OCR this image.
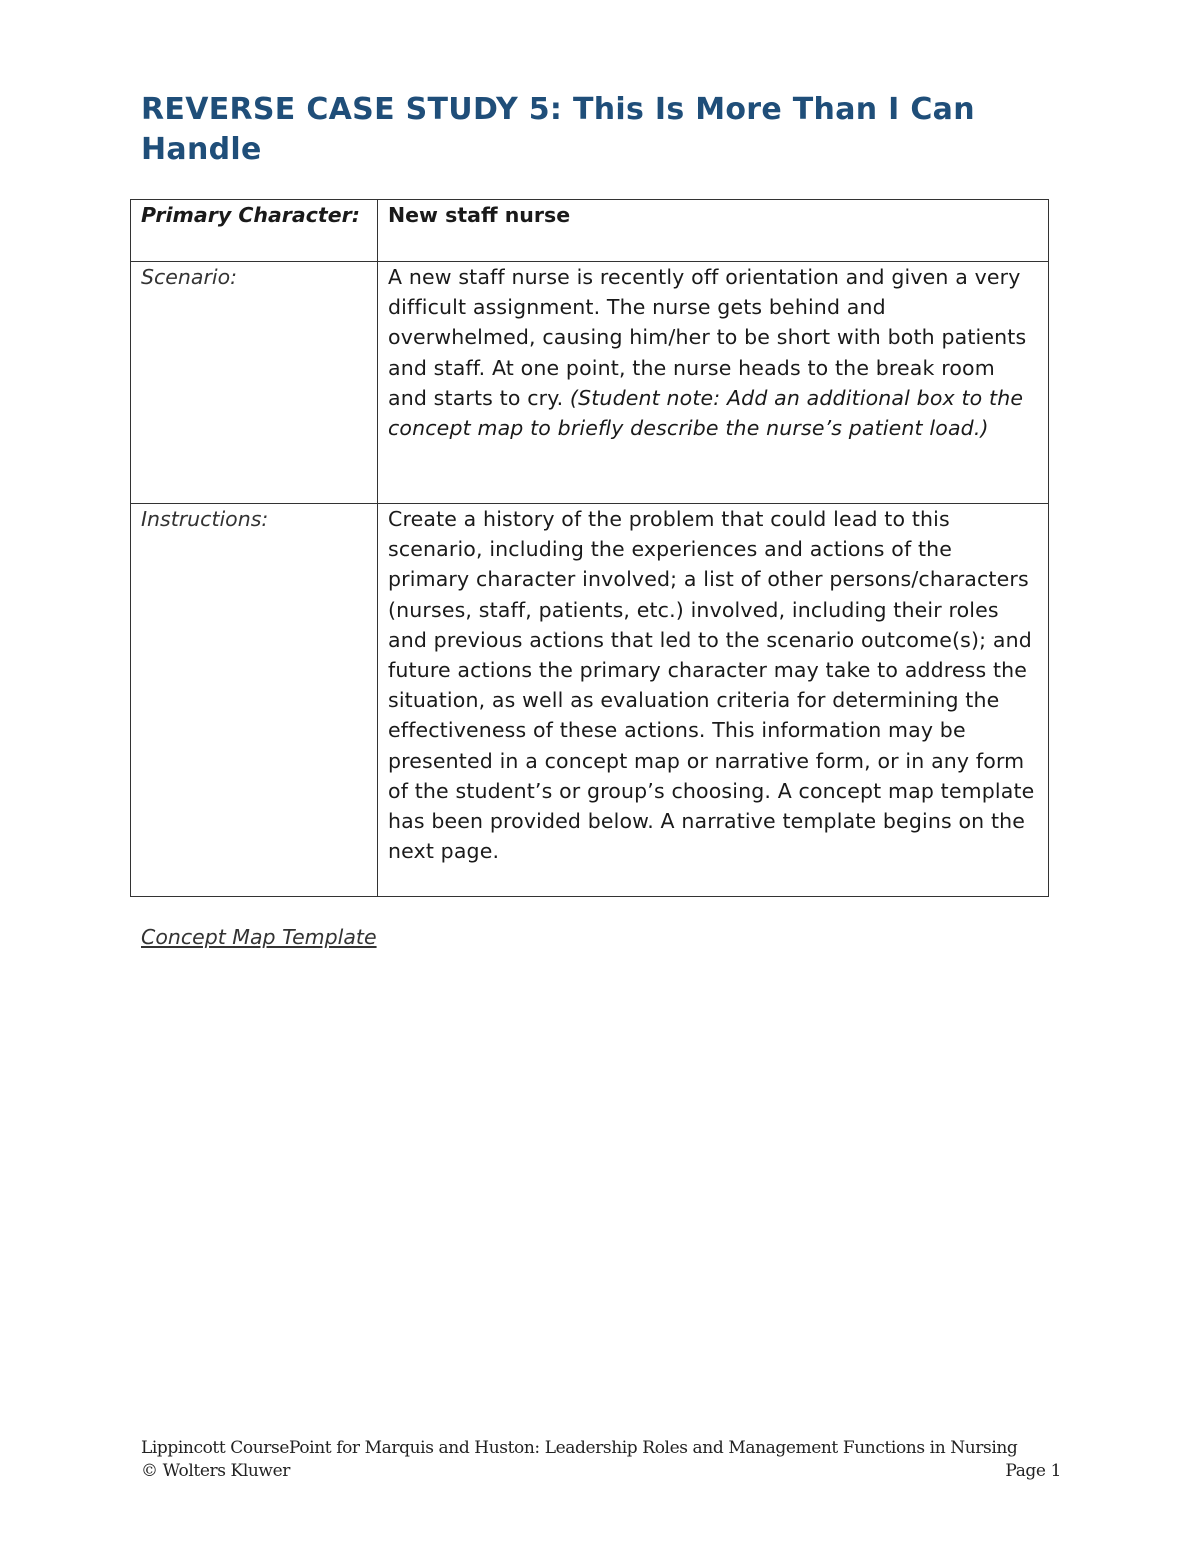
REVERSE CASE STUDY 5: This Is More Than I Can Handle
Primary Character:	New staff nurse
Scenario:	A new staff nurse is recently off orientation and given a very difficult assignment. The nurse gets behind and overwhelmed, causing him/her to be short with both patients and staff. At one point, the nurse heads to the break room and starts to cry. (Student note: Add an additional box to the concept map to briefly describe the nurse’s patient load.)
Instructions:	Create a history of the problem that could lead to this scenario, including the experiences and actions of the primary character involved; a list of other persons/characters (nurses, staff, patients, etc.) involved, including their roles and previous actions that led to the scenario outcome(s); and future actions the primary character may take to address the situation, as well as evaluation criteria for determining the effectiveness of these actions. This information may be presented in a concept map or narrative form, or in any form of the student’s or group’s choosing. A concept map template has been provided below. A narrative template begins on the next page.
Concept Map Template
Lippincott CoursePoint for Marquis and Huston: Leadership Roles and Management Functions in Nursing
© Wolters Kluwer	Page 1
